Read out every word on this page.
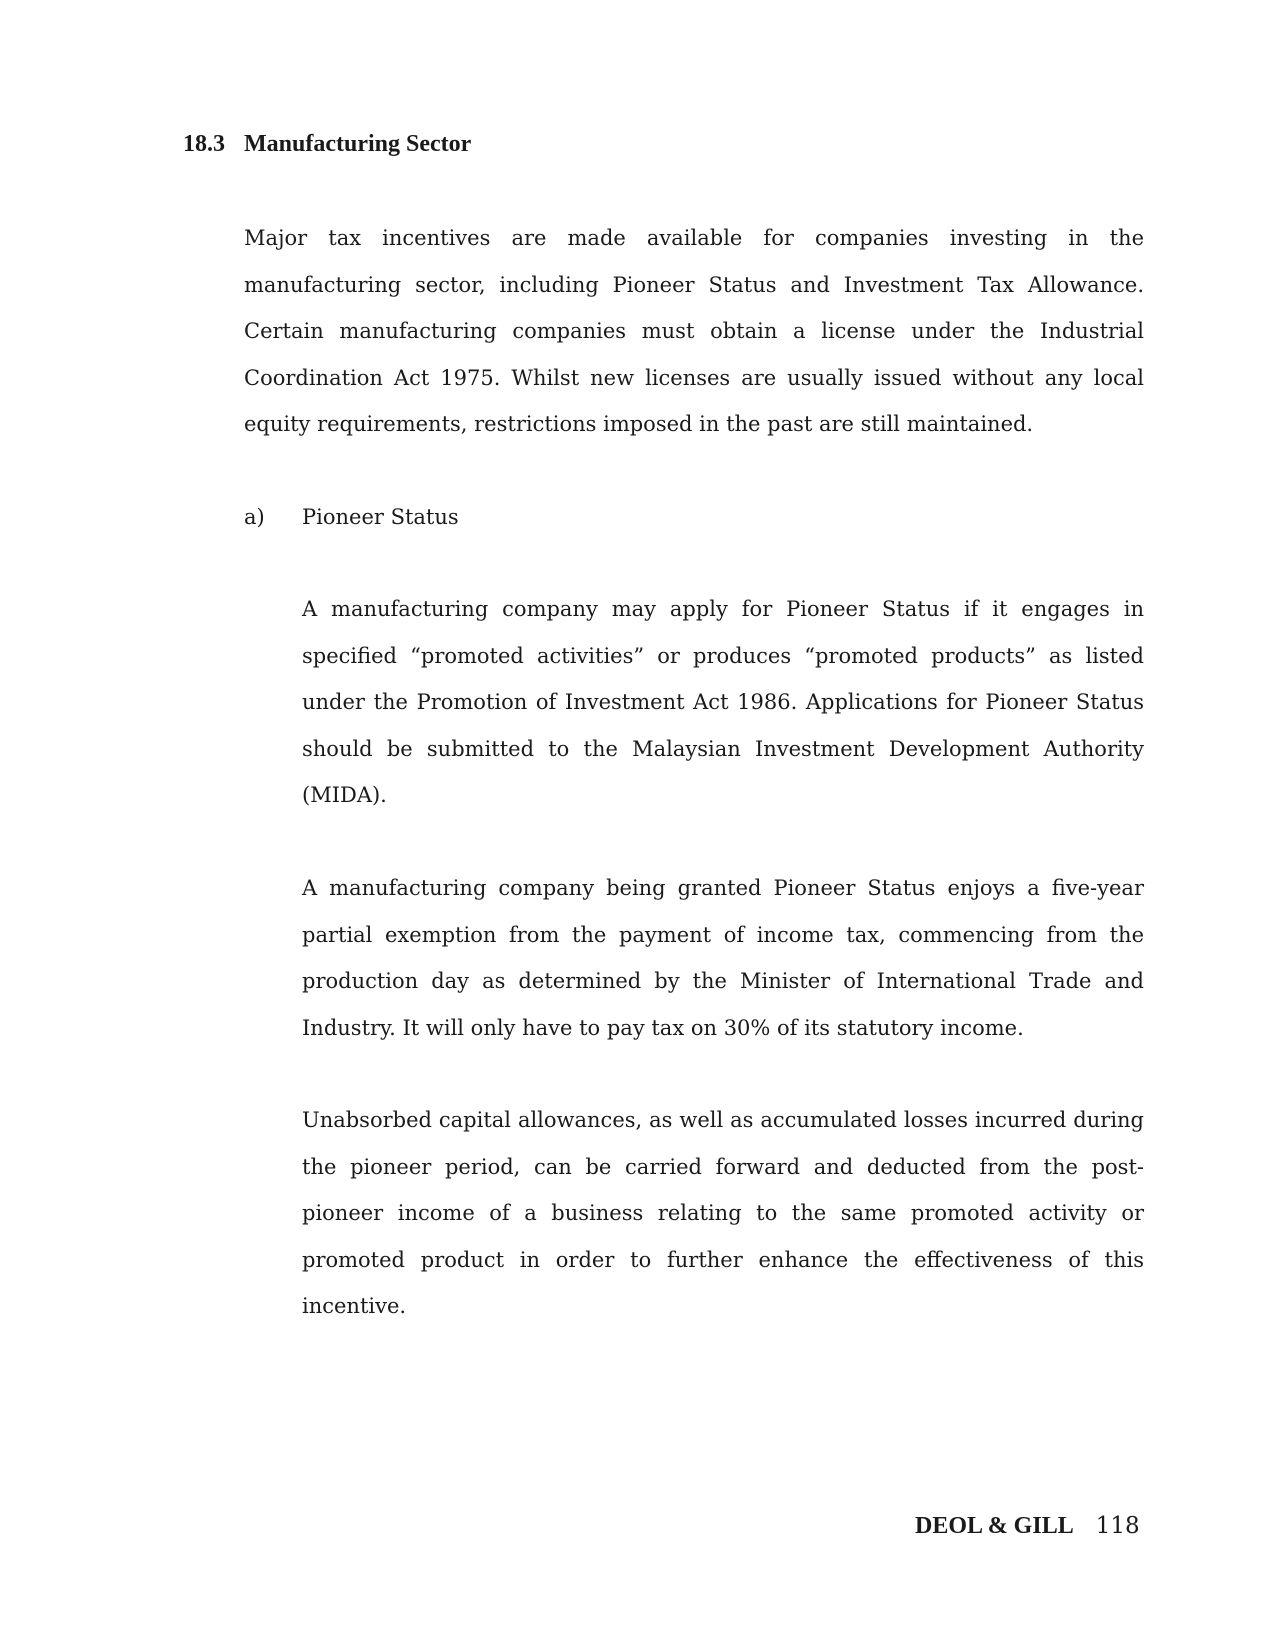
18.3 Manufacturing Sector

Major tax incentives are made available for companies investing in the manufacturing sector, including Pioneer Status and Investment Tax Allowance. Certain manufacturing companies must obtain a license under the Industrial Coordination Act 1975. Whilst new licenses are usually issued without any local equity requirements, restrictions imposed in the past are still maintained.

a) Pioneer Status

A manufacturing company may apply for Pioneer Status if it engages in specified “promoted activities” or produces “promoted products” as listed under the Promotion of Investment Act 1986. Applications for Pioneer Status should be submitted to the Malaysian Investment Development Authority (MIDA).

A manufacturing company being granted Pioneer Status enjoys a five-year partial exemption from the payment of income tax, commencing from the production day as determined by the Minister of International Trade and Industry. It will only have to pay tax on 30% of its statutory income.

Unabsorbed capital allowances, as well as accumulated losses incurred during the pioneer period, can be carried forward and deducted from the post-pioneer income of a business relating to the same promoted activity or promoted product in order to further enhance the effectiveness of this incentive.

DEOL & GILL 118
